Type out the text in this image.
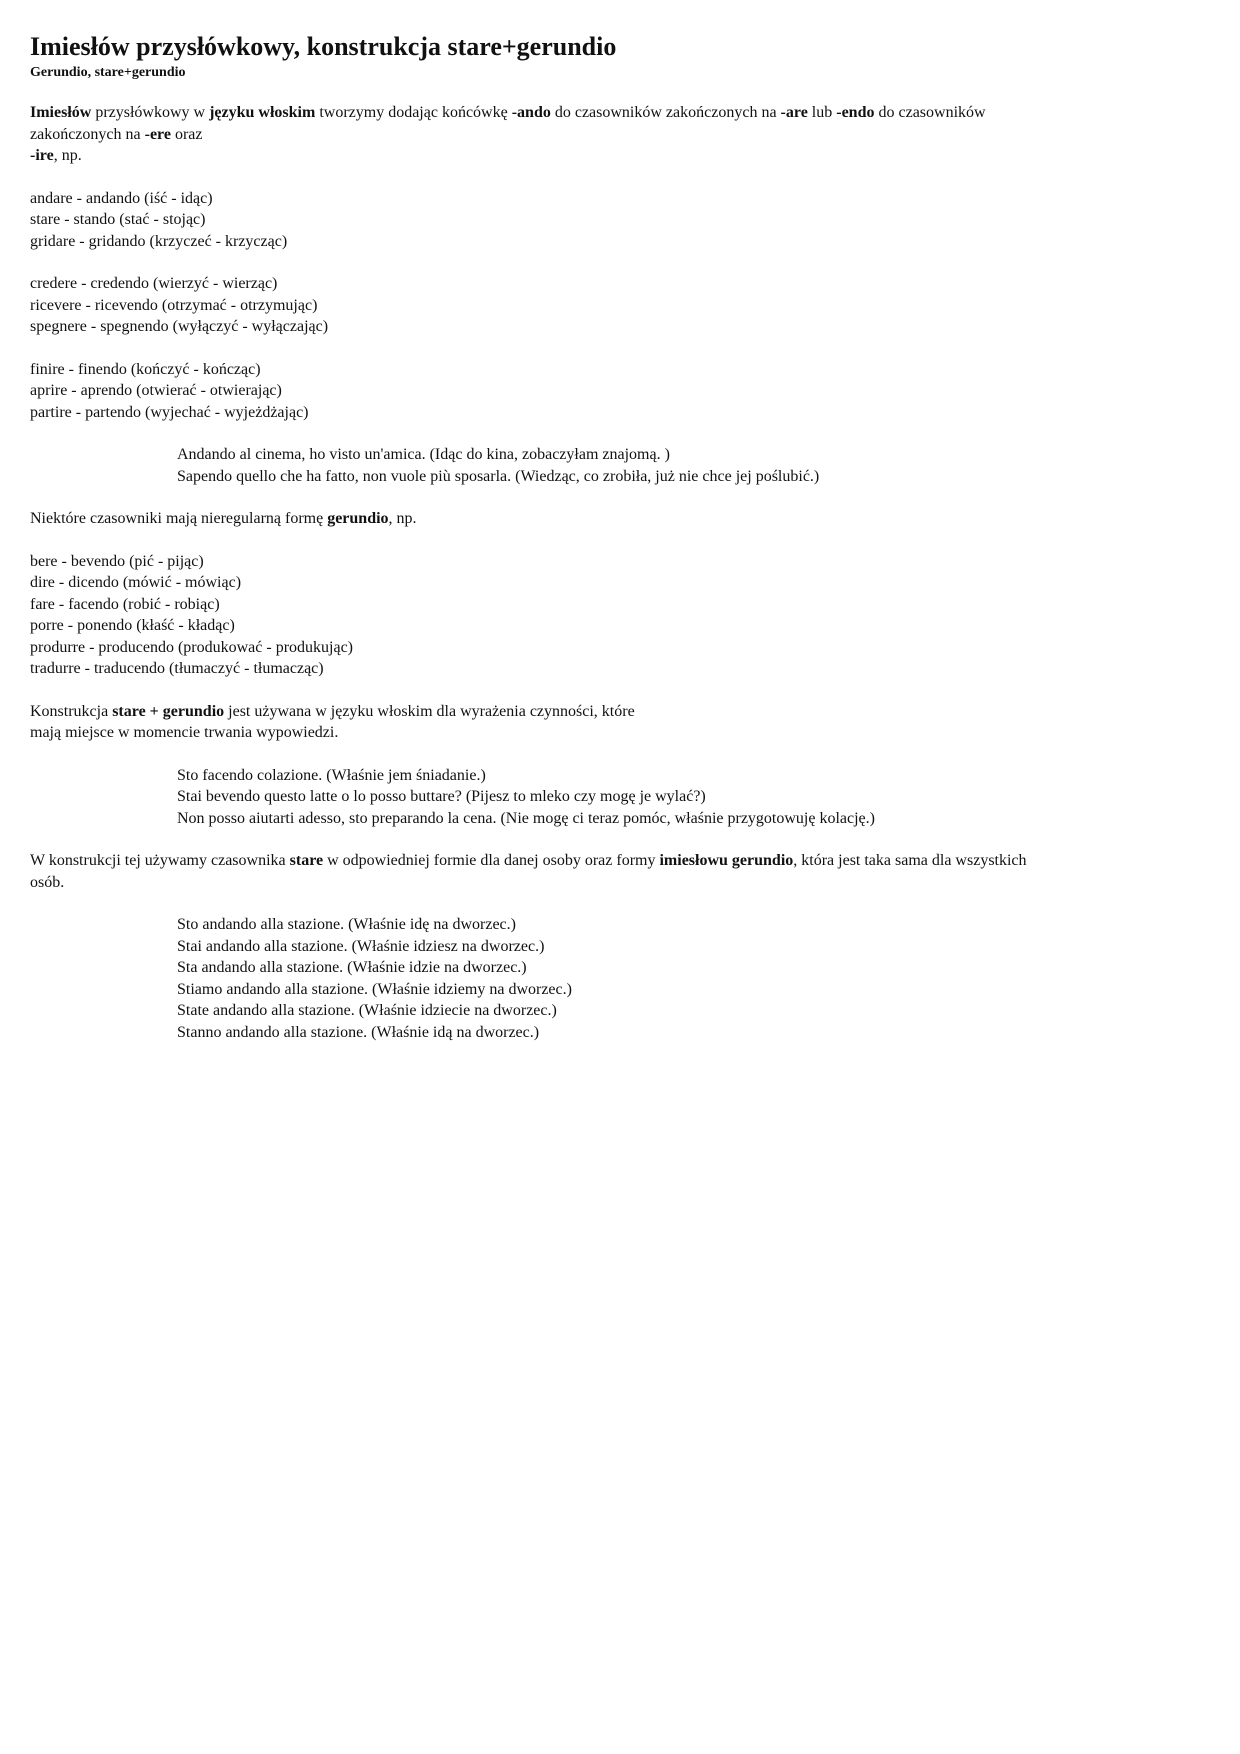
Imiesłów przysłówkowy, konstrukcja stare+gerundio
Gerundio, stare+gerundio

Imiesłów przysłówkowy w języku włoskim tworzymy dodając końcówkę -ando do czasowników zakończonych na -are lub -endo do czasowników zakończonych na -ere oraz
-ire, np.

andare - andando (iść - idąc)
stare - stando (stać - stojąc)
gridare - gridando (krzyczeć - krzycząc)
credere - credendo (wierzyć - wierząc)
ricevere - ricevendo (otrzymać - otrzymując)
spegnere - spegnendo (wyłączyć - wyłączając)
finire - finendo (kończyć - kończąc)
aprire - aprendo (otwierać - otwierając)
partire - partendo (wyjechać - wyjeżdżając)
Andando al cinema, ho visto un'amica. (Idąc do kina, zobaczyłam znajomą. )
Sapendo quello che ha fatto, non vuole più sposarla. (Wiedząc, co zrobiła, już nie chce jej poślubić.)

Niektóre czasowniki mają nieregularną formę gerundio, np.

bere - bevendo (pić - pijąc)
dire - dicendo (mówić - mówiąc)
fare - facendo (robić - robiąc)
porre - ponendo (kłaść - kładąc)
produrre - producendo (produkować - produkując)
tradurre - traducendo (tłumaczyć - tłumacząc)

Konstrukcja stare + gerundio jest używana w języku włoskim dla wyrażenia czynności, które
mają miejsce w momencie trwania wypowiedzi.

Sto facendo colazione. (Właśnie jem śniadanie.)
Stai bevendo questo latte o lo posso buttare? (Pijesz to mleko czy mogę je wylać?)
Non posso aiutarti adesso, sto preparando la cena. (Nie mogę ci teraz pomóc, właśnie przygotowuję kolację.)

W konstrukcji tej używamy czasownika stare w odpowiedniej formie dla danej osoby oraz formy imiesłowu gerundio, która jest taka sama dla wszystkich osób.

Sto andando alla stazione. (Właśnie idę na dworzec.)
Stai andando alla stazione. (Właśnie idziesz na dworzec.)
Sta andando alla stazione. (Właśnie idzie na dworzec.)
Stiamo andando alla stazione. (Właśnie idziemy na dworzec.)
State andando alla stazione. (Właśnie idziecie na dworzec.)
Stanno andando alla stazione. (Właśnie idą na dworzec.)
